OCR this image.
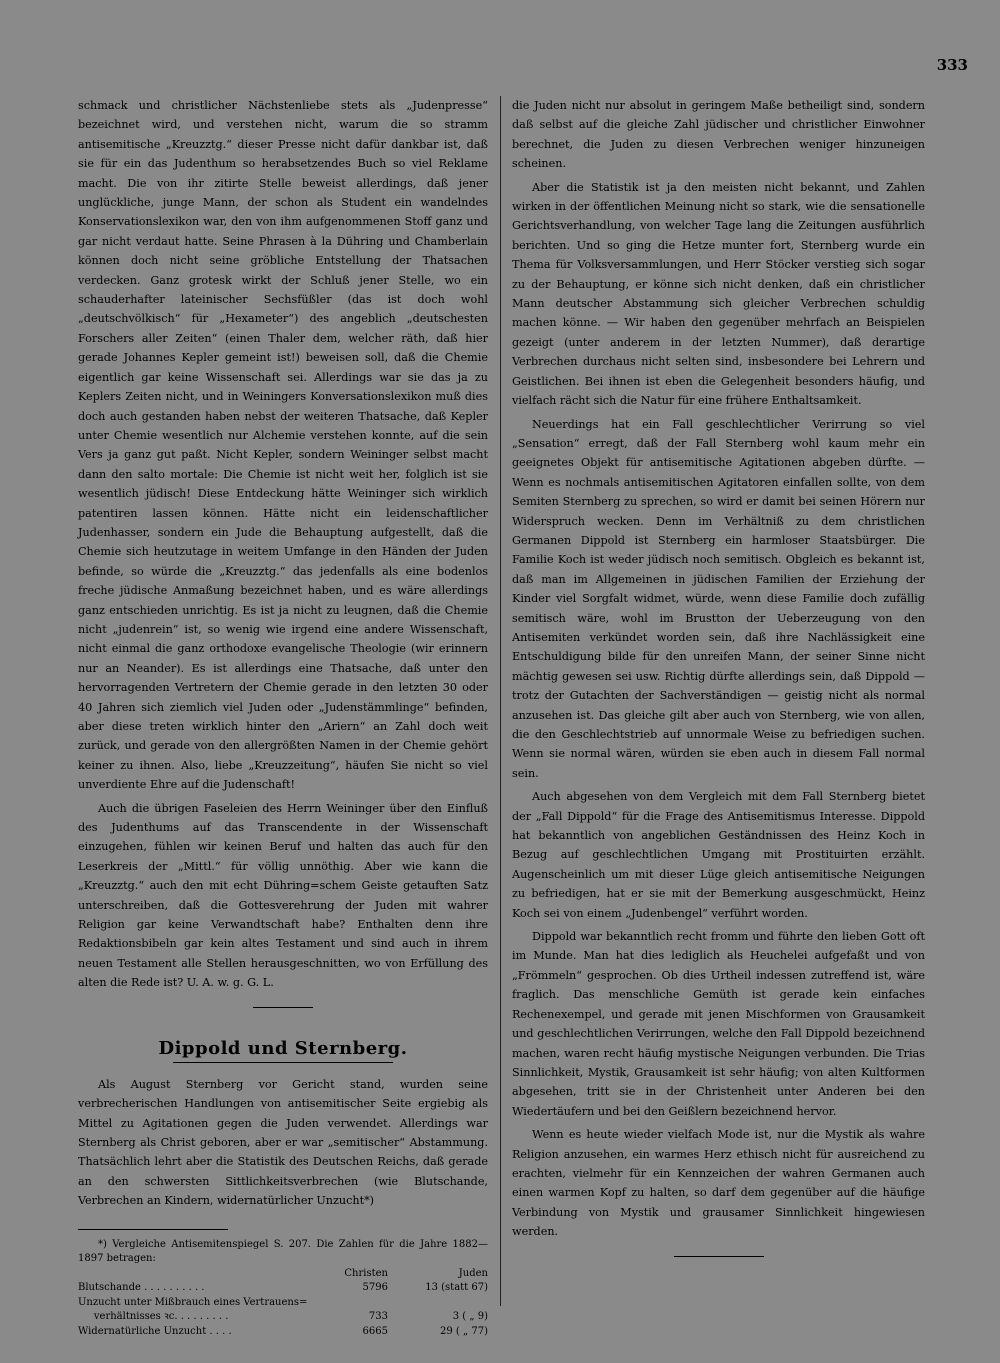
333

schmack und christlicher Nächstenliebe stets als „Judenpresse“ bezeichnet wird, und verstehen nicht, warum die so stramm antisemitische „Kreuzztg.“ dieser Presse nicht dafür dankbar ist, daß sie für ein das Judenthum so herabsetzendes Buch so viel Reklame macht. Die von ihr zitirte Stelle beweist allerdings, daß jener unglückliche, junge Mann, der schon als Student ein wandelndes Konservationslexikon war, den von ihm aufgenommenen Stoff ganz und gar nicht verdaut hatte. Seine Phrasen à la Dühring und Chamberlain können doch nicht seine gröbliche Entstellung der Thatsachen verdecken. Ganz grotesk wirkt der Schluß jener Stelle, wo ein schauderhafter lateinischer Sechsfüßler (das ist doch wohl „deutschvölkisch“ für „Hexameter“) des angeblich „deutschesten Forschers aller Zeiten“ (einen Thaler dem, welcher räth, daß hier gerade Johannes Kepler gemeint ist!) beweisen soll, daß die Chemie eigentlich gar keine Wissenschaft sei. Allerdings war sie das ja zu Keplers Zeiten nicht, und in Weiningers Konversationslexikon muß dies doch auch gestanden haben nebst der weiteren Thatsache, daß Kepler unter Chemie wesentlich nur Alchemie verstehen konnte, auf die sein Vers ja ganz gut paßt. Nicht Kepler, sondern Weininger selbst macht dann den salto mortale: Die Chemie ist nicht weit her, folglich ist sie wesentlich jüdisch! Diese Entdeckung hätte Weininger sich wirklich patentiren lassen können. Hätte nicht ein leidenschaftlicher Judenhasser, sondern ein Jude die Behauptung aufgestellt, daß die Chemie sich heutzutage in weitem Umfange in den Händen der Juden befinde, so würde die „Kreuzztg.“ das jedenfalls als eine bodenlos freche jüdische Anmaßung bezeichnet haben, und es wäre allerdings ganz entschieden unrichtig. Es ist ja nicht zu leugnen, daß die Chemie nicht „judenrein“ ist, so wenig wie irgend eine andere Wissenschaft, nicht einmal die ganz orthodoxe evangelische Theologie (wir erinnern nur an Neander). Es ist allerdings eine Thatsache, daß unter den hervorragenden Vertretern der Chemie gerade in den letzten 30 oder 40 Jahren sich ziemlich viel Juden oder „Judenstämmlinge“ befinden, aber diese treten wirklich hinter den „Ariern“ an Zahl doch weit zurück, und gerade von den allergrößten Namen in der Chemie gehört keiner zu ihnen. Also, liebe „Kreuzzeitung“, häufen Sie nicht so viel unverdiente Ehre auf die Judenschaft!

Auch die übrigen Faseleien des Herrn Weininger über den Einfluß des Judenthums auf das Transcendente in der Wissenschaft einzugehen, fühlen wir keinen Beruf und halten das auch für den Leserkreis der „Mittl.“ für völlig unnöthig. Aber wie kann die „Kreuzztg.“ auch den mit echt Dühring=schem Geiste getauften Satz unterschreiben, daß die Gottesverehrung der Juden mit wahrer Religion gar keine Verwandtschaft habe? Enthalten denn ihre Redaktionsbibeln gar kein altes Testament und sind auch in ihrem neuen Testament alle Stellen herausgeschnitten, wo von Erfüllung des alten die Rede ist? U. A. w. g. G. L.

Dippold und Sternberg.

Als August Sternberg vor Gericht stand, wurden seine verbrecherischen Handlungen von antisemitischer Seite ergiebig als Mittel zu Agitationen gegen die Juden verwendet. Allerdings war Sternberg als Christ geboren, aber er war „semitischer“ Abstammung. Thatsächlich lehrt aber die Statistik des Deutschen Reichs, daß gerade an den schwersten Sittlichkeitsverbrechen (wie Blutschande, Verbrechen an Kindern, widernatürlicher Unzucht*)

*) Vergleiche Antisemitenspiegel S. 207. Die Zahlen für die Jahre 1882—1897 betragen:

	Christen	Juden
Blutschande . . . . . . . . . .	5796	13 (statt 67)
Unzucht unter Mißbrauch eines Vertrauens=		
verhältnisses ꝛc. . . . . . . . .	733	3 ( „ 9)
Widernatürliche Unzucht . . . .	6665	29 ( „ 77)

die Juden nicht nur absolut in geringem Maße betheiligt sind, sondern daß selbst auf die gleiche Zahl jüdischer und christlicher Einwohner berechnet, die Juden zu diesen Verbrechen weniger hinzuneigen scheinen.

Aber die Statistik ist ja den meisten nicht bekannt, und Zahlen wirken in der öffentlichen Meinung nicht so stark, wie die sensationelle Gerichtsverhandlung, von welcher Tage lang die Zeitungen ausführlich berichten. Und so ging die Hetze munter fort, Sternberg wurde ein Thema für Volksversammlungen, und Herr Stöcker verstieg sich sogar zu der Behauptung, er könne sich nicht denken, daß ein christlicher Mann deutscher Abstammung sich gleicher Verbrechen schuldig machen könne. — Wir haben den gegenüber mehrfach an Beispielen gezeigt (unter anderem in der letzten Nummer), daß derartige Verbrechen durchaus nicht selten sind, insbesondere bei Lehrern und Geistlichen. Bei ihnen ist eben die Gelegenheit besonders häufig, und vielfach rächt sich die Natur für eine frühere Enthaltsamkeit.

Neuerdings hat ein Fall geschlechtlicher Verirrung so viel „Sensation“ erregt, daß der Fall Sternberg wohl kaum mehr ein geeignetes Objekt für antisemitische Agitationen abgeben dürfte. — Wenn es nochmals antisemitischen Agitatoren einfallen sollte, von dem Semiten Sternberg zu sprechen, so wird er damit bei seinen Hörern nur Widerspruch wecken. Denn im Verhältniß zu dem christlichen Germanen Dippold ist Sternberg ein harmloser Staatsbürger. Die Familie Koch ist weder jüdisch noch semitisch. Obgleich es bekannt ist, daß man im Allgemeinen in jüdischen Familien der Erziehung der Kinder viel Sorgfalt widmet, würde, wenn diese Familie doch zufällig semitisch wäre, wohl im Brustton der Ueberzeugung von den Antisemiten verkündet worden sein, daß ihre Nachlässigkeit eine Entschuldigung bilde für den unreifen Mann, der seiner Sinne nicht mächtig gewesen sei usw. Richtig dürfte allerdings sein, daß Dippold — trotz der Gutachten der Sachverständigen — geistig nicht als normal anzusehen ist. Das gleiche gilt aber auch von Sternberg, wie von allen, die den Geschlechtstrieb auf unnormale Weise zu befriedigen suchen. Wenn sie normal wären, würden sie eben auch in diesem Fall normal sein.

Auch abgesehen von dem Vergleich mit dem Fall Sternberg bietet der „Fall Dippold“ für die Frage des Antisemitismus Interesse. Dippold hat bekanntlich von angeblichen Geständnissen des Heinz Koch in Bezug auf geschlechtlichen Umgang mit Prostituirten erzählt. Augenscheinlich um mit dieser Lüge gleich antisemitische Neigungen zu befriedigen, hat er sie mit der Bemerkung ausgeschmückt, Heinz Koch sei von einem „Judenbengel“ verführt worden.

Dippold war bekanntlich recht fromm und führte den lieben Gott oft im Munde. Man hat dies lediglich als Heuchelei aufgefaßt und von „Frömmeln“ gesprochen. Ob dies Urtheil indessen zutreffend ist, wäre fraglich. Das menschliche Gemüth ist gerade kein einfaches Rechenexempel, und gerade mit jenen Mischformen von Grausamkeit und geschlechtlichen Verirrungen, welche den Fall Dippold bezeichnend machen, waren recht häufig mystische Neigungen verbunden. Die Trias Sinnlichkeit, Mystik, Grausamkeit ist sehr häufig; von alten Kultformen abgesehen, tritt sie in der Christenheit unter Anderen bei den Wiedertäufern und bei den Geißlern bezeichnend hervor.

Wenn es heute wieder vielfach Mode ist, nur die Mystik als wahre Religion anzusehen, ein warmes Herz ethisch nicht für ausreichend zu erachten, vielmehr für ein Kennzeichen der wahren Germanen auch einen warmen Kopf zu halten, so darf dem gegenüber auf die häufige Verbindung von Mystik und grausamer Sinnlichkeit hingewiesen werden.
